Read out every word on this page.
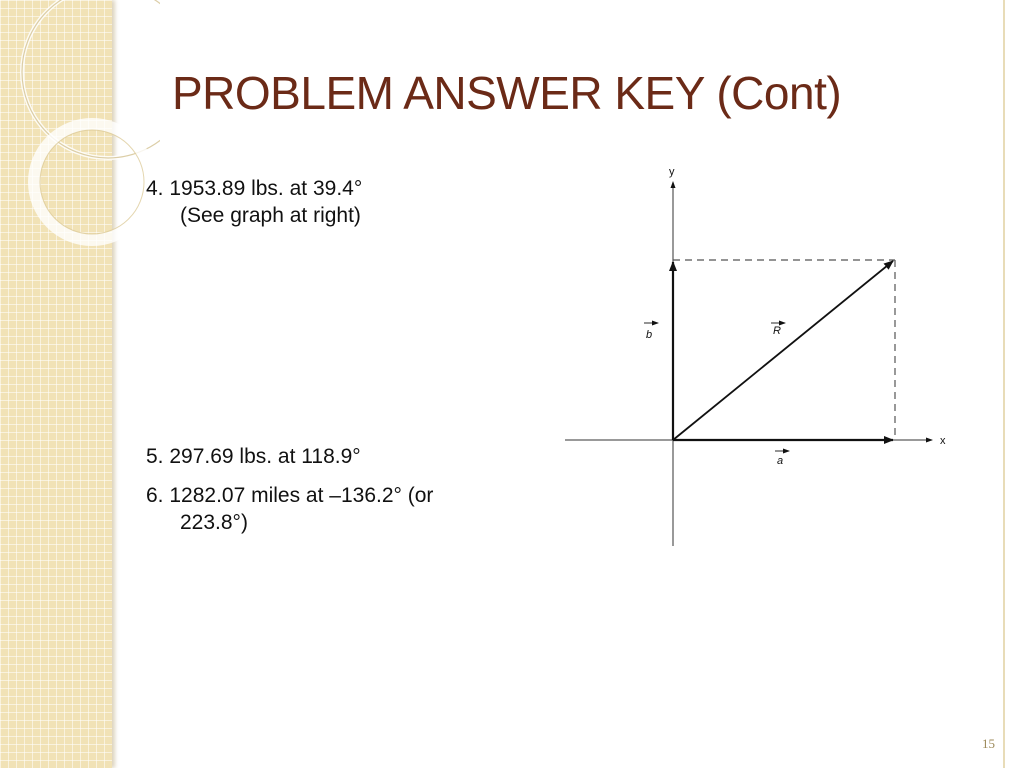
PROBLEM ANSWER KEY (Cont)
4. 1953.89 lbs. at 39.4°
(See graph at right)
5. 297.69 lbs. at 118.9°
6. 1282.07 miles at –136.2° (or
223.8°)
x
y
R
b
a
15
